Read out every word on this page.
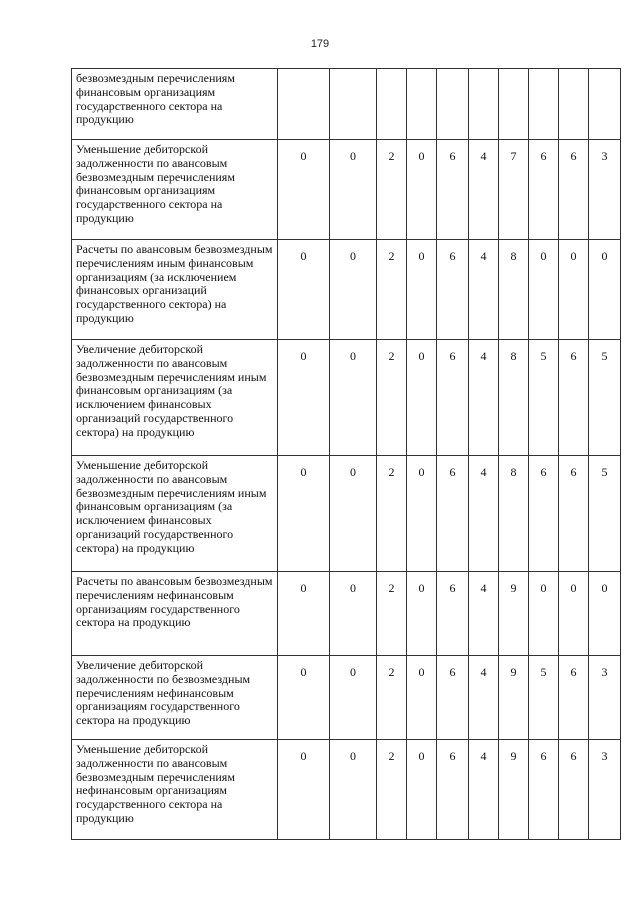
179
безвозмездным перечислениям финансовым организациям государственного сектора на продукцию										
Уменьшение дебиторской задолженности по авансовым безвозмездным перечислениям финансовым организациям государственного сектора на продукцию	0	0	2	0	6	4	7	6	6	3
Расчеты по авансовым безвозмездным перечислениям иным финансовым организациям (за исключением финансовых организаций государственного сектора) на продукцию	0	0	2	0	6	4	8	0	0	0
Увеличение дебиторской задолженности по авансовым безвозмездным перечислениям иным финансовым организациям (за исключением финансовых организаций государственного сектора) на продукцию	0	0	2	0	6	4	8	5	6	5
Уменьшение дебиторской задолженности по авансовым безвозмездным перечислениям иным финансовым организациям (за исключением финансовых организаций государственного сектора) на продукцию	0	0	2	0	6	4	8	6	6	5
Расчеты по авансовым безвозмездным перечислениям нефинансовым организациям государственного сектора на продукцию	0	0	2	0	6	4	9	0	0	0
Увеличение дебиторской задолженности по безвозмездным перечислениям нефинансовым организациям государственного сектора на продукцию	0	0	2	0	6	4	9	5	6	3
Уменьшение дебиторской задолженности по авансовым безвозмездным перечислениям нефинансовым организациям государственного сектора на продукцию	0	0	2	0	6	4	9	6	6	3
